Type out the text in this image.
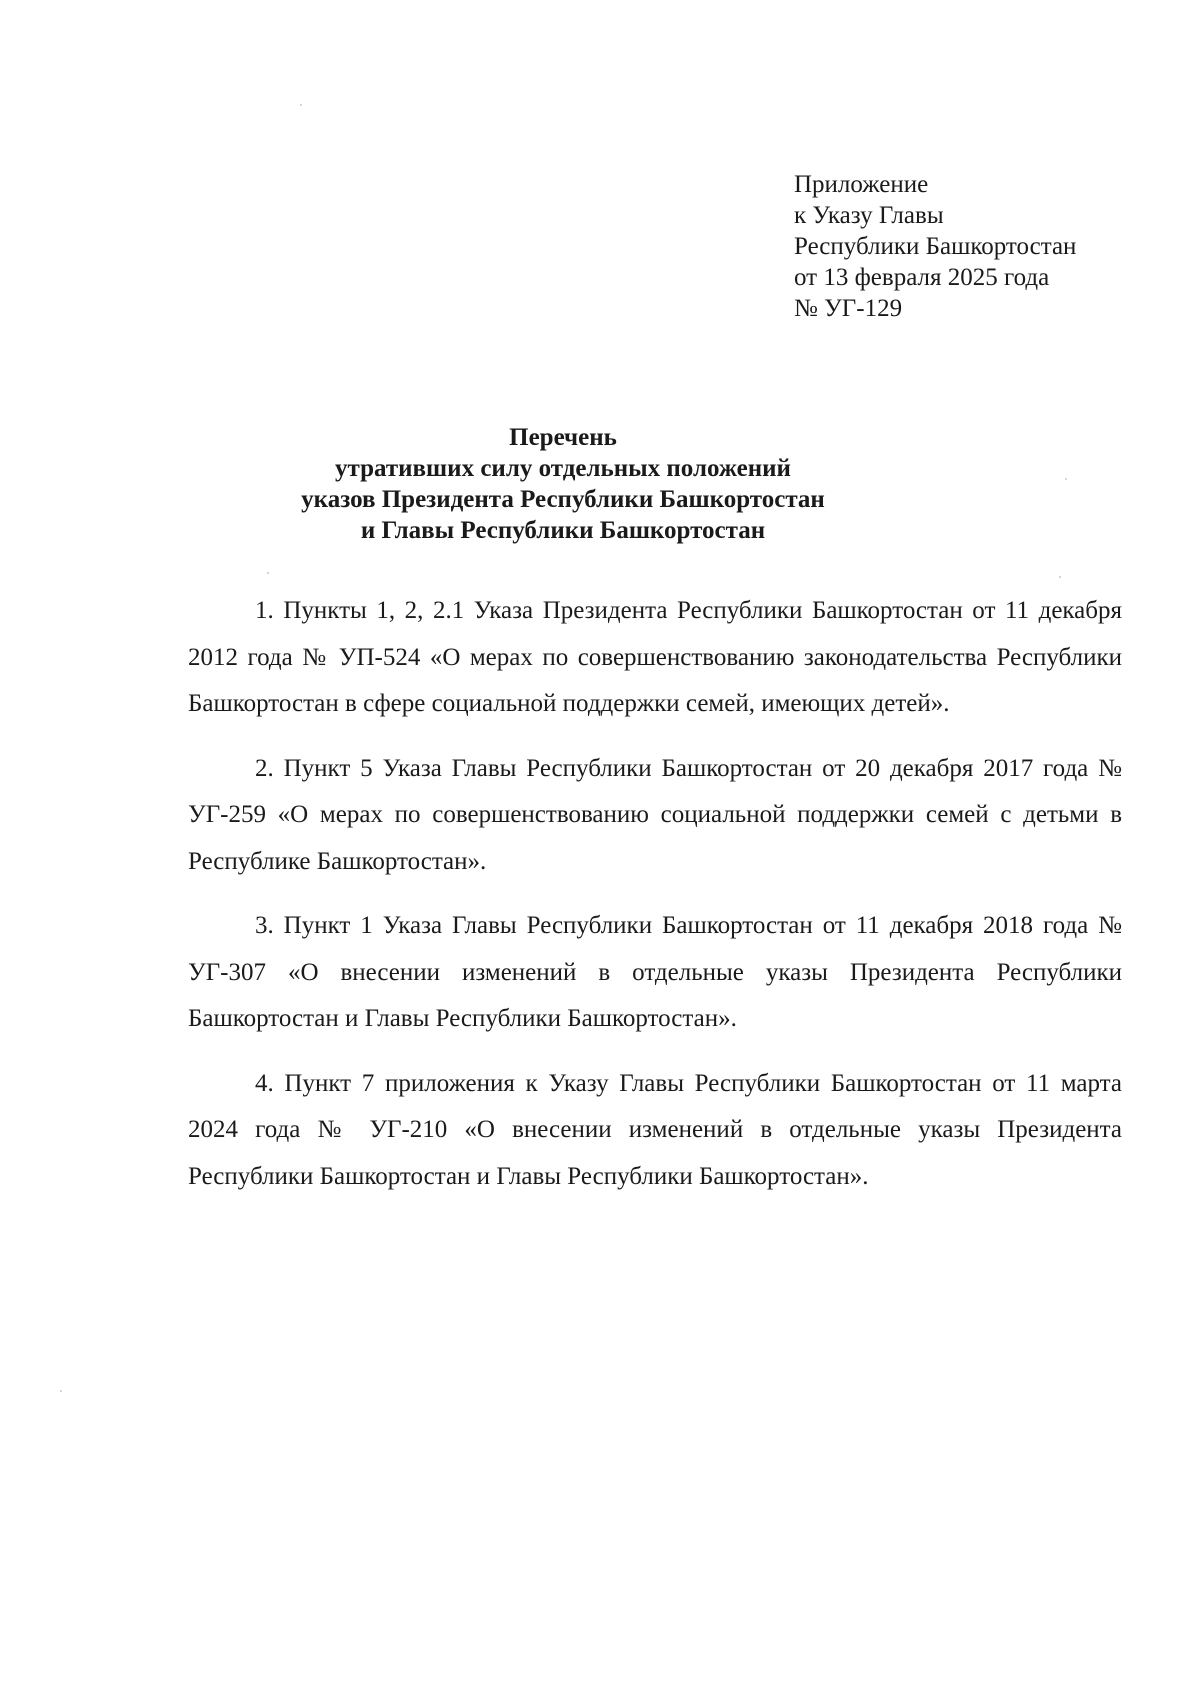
Приложение
к Указу Главы
Республики Башкортостан
от 13 февраля 2025 года
№ УГ-129
Перечень
утративших силу отдельных положений
указов Президента Республики Башкортостан
и Главы Республики Башкортостан

1. Пункты 1, 2, 2.1 Указа Президента Республики Башкортостан от 11 декабря 2012 года № УП-524 «О мерах по совершенствованию законодательства Республики Башкортостан в сфере социальной поддержки семей, имеющих детей».

2. Пункт 5 Указа Главы Республики Башкортостан от 20 декабря 2017 года № УГ-259 «О мерах по совершенствованию социальной поддержки семей с детьми в Республике Башкортостан».

3. Пункт 1 Указа Главы Республики Башкортостан от 11 декабря 2018 года № УГ-307 «О внесении изменений в отдельные указы Президента Республики Башкортостан и Главы Республики Башкортостан».

4. Пункт 7 приложения к Указу Главы Республики Башкортостан от 11 марта 2024 года № УГ-210 «О внесении изменений в отдельные указы Президента Республики Башкортостан и Главы Республики Башкортостан».
